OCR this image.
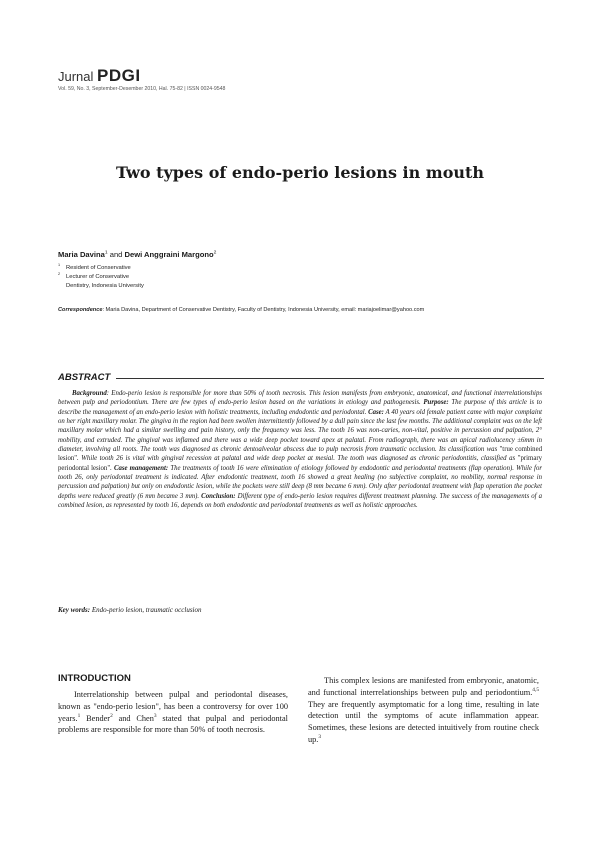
Jurnal PDGI
Vol. 59, No. 3, September-Desember 2010, Hal. 75-82 | ISSN 0024-9548
Two types of endo-perio lesions in mouth
Maria Davina$^1$ and Dewi Anggraini Margono$^2$
$^1$ Resident of Conservative
$^2$ Lecturer of Conservative
Dentistry, Indonesia University
Correspondence: Maria Davina, Department of Conservative Dentistry, Faculty of Dentistry, Indonesia University, email: mariajoelimar@yahoo.com
ABSTRACT
Background: Endo-perio lesion is responsible for more than 50% of tooth necrosis. This lesion manifests from embryonic, anatomical, and functional interrelationships between pulp and periodontium. There are few types of endo-perio lesion based on the variations in etiology and pathogenesis. Purpose: The purpose of this article is to describe the management of an endo-perio lesion with holistic treatments, including endodontic and periodontal. Case: A 40 years old female patient came with major complaint on her right maxillary molar. The gingiva in the region had been swollen intermittently followed by a dull pain since the last few months. The additional complaint was on the left maxillary molar which had a similar swelling and pain history, only the frequency was less. The tooth 16 was non-caries, non-vital, positive in percussion and palpation, 2° mobility, and extruded. The gingival was inflamed and there was a wide deep pocket toward apex at palatal. From radiograph, there was an apical radiolucency ±6mm in diameter, involving all roots. The tooth was diagnosed as chronic dentoalveolar abscess due to pulp necrosis from traumatic occlusion. Its classification was "true combined lesion". While tooth 26 is vital with gingival recession at palatal and wide deep pocket at mesial. The tooth was diagnosed as chronic periodontitis, classified as "primary periodontal lesion". Case management: The treatments of tooth 16 were elimination of etiology followed by endodontic and periodontal treatments (flap operation). While for tooth 26, only periodontal treatment is indicated. After endodontic treatment, tooth 16 showed a great healing (no subjective complaint, no mobility, normal response in percussion and palpation) but only on endodontic lesion, while the pockets were still deep (8 mm became 6 mm). Only after periodontal treatment with flap operation the pocket depths were reduced greatly (6 mm became 3 mm). Conclusion: Different type of endo-perio lesion requires different treatment planning. The success of the managements of a combined lesion, as represented by tooth 16, depends on both endodontic and periodontal treatments as well as holistic approaches.
Key words: Endo-perio lesion, traumatic occlusion
INTRODUCTION
Interrelationship between pulpal and periodontal diseases, known as "endo-perio lesion", has been a controversy for over 100 years.$^1$ Bender$^2$ and Chen$^3$ stated that pulpal and periodontal problems are responsible for more than 50% of tooth necrosis.
This complex lesions are manifested from embryonic, anatomic, and functional interrelationships between pulp and periodontium.$^{4,5}$ They are frequently asymptomatic for a long time, resulting in late detection until the symptoms of acute inflammation appear. Sometimes, these lesions are detected intuitively from routine check up.$^3$
